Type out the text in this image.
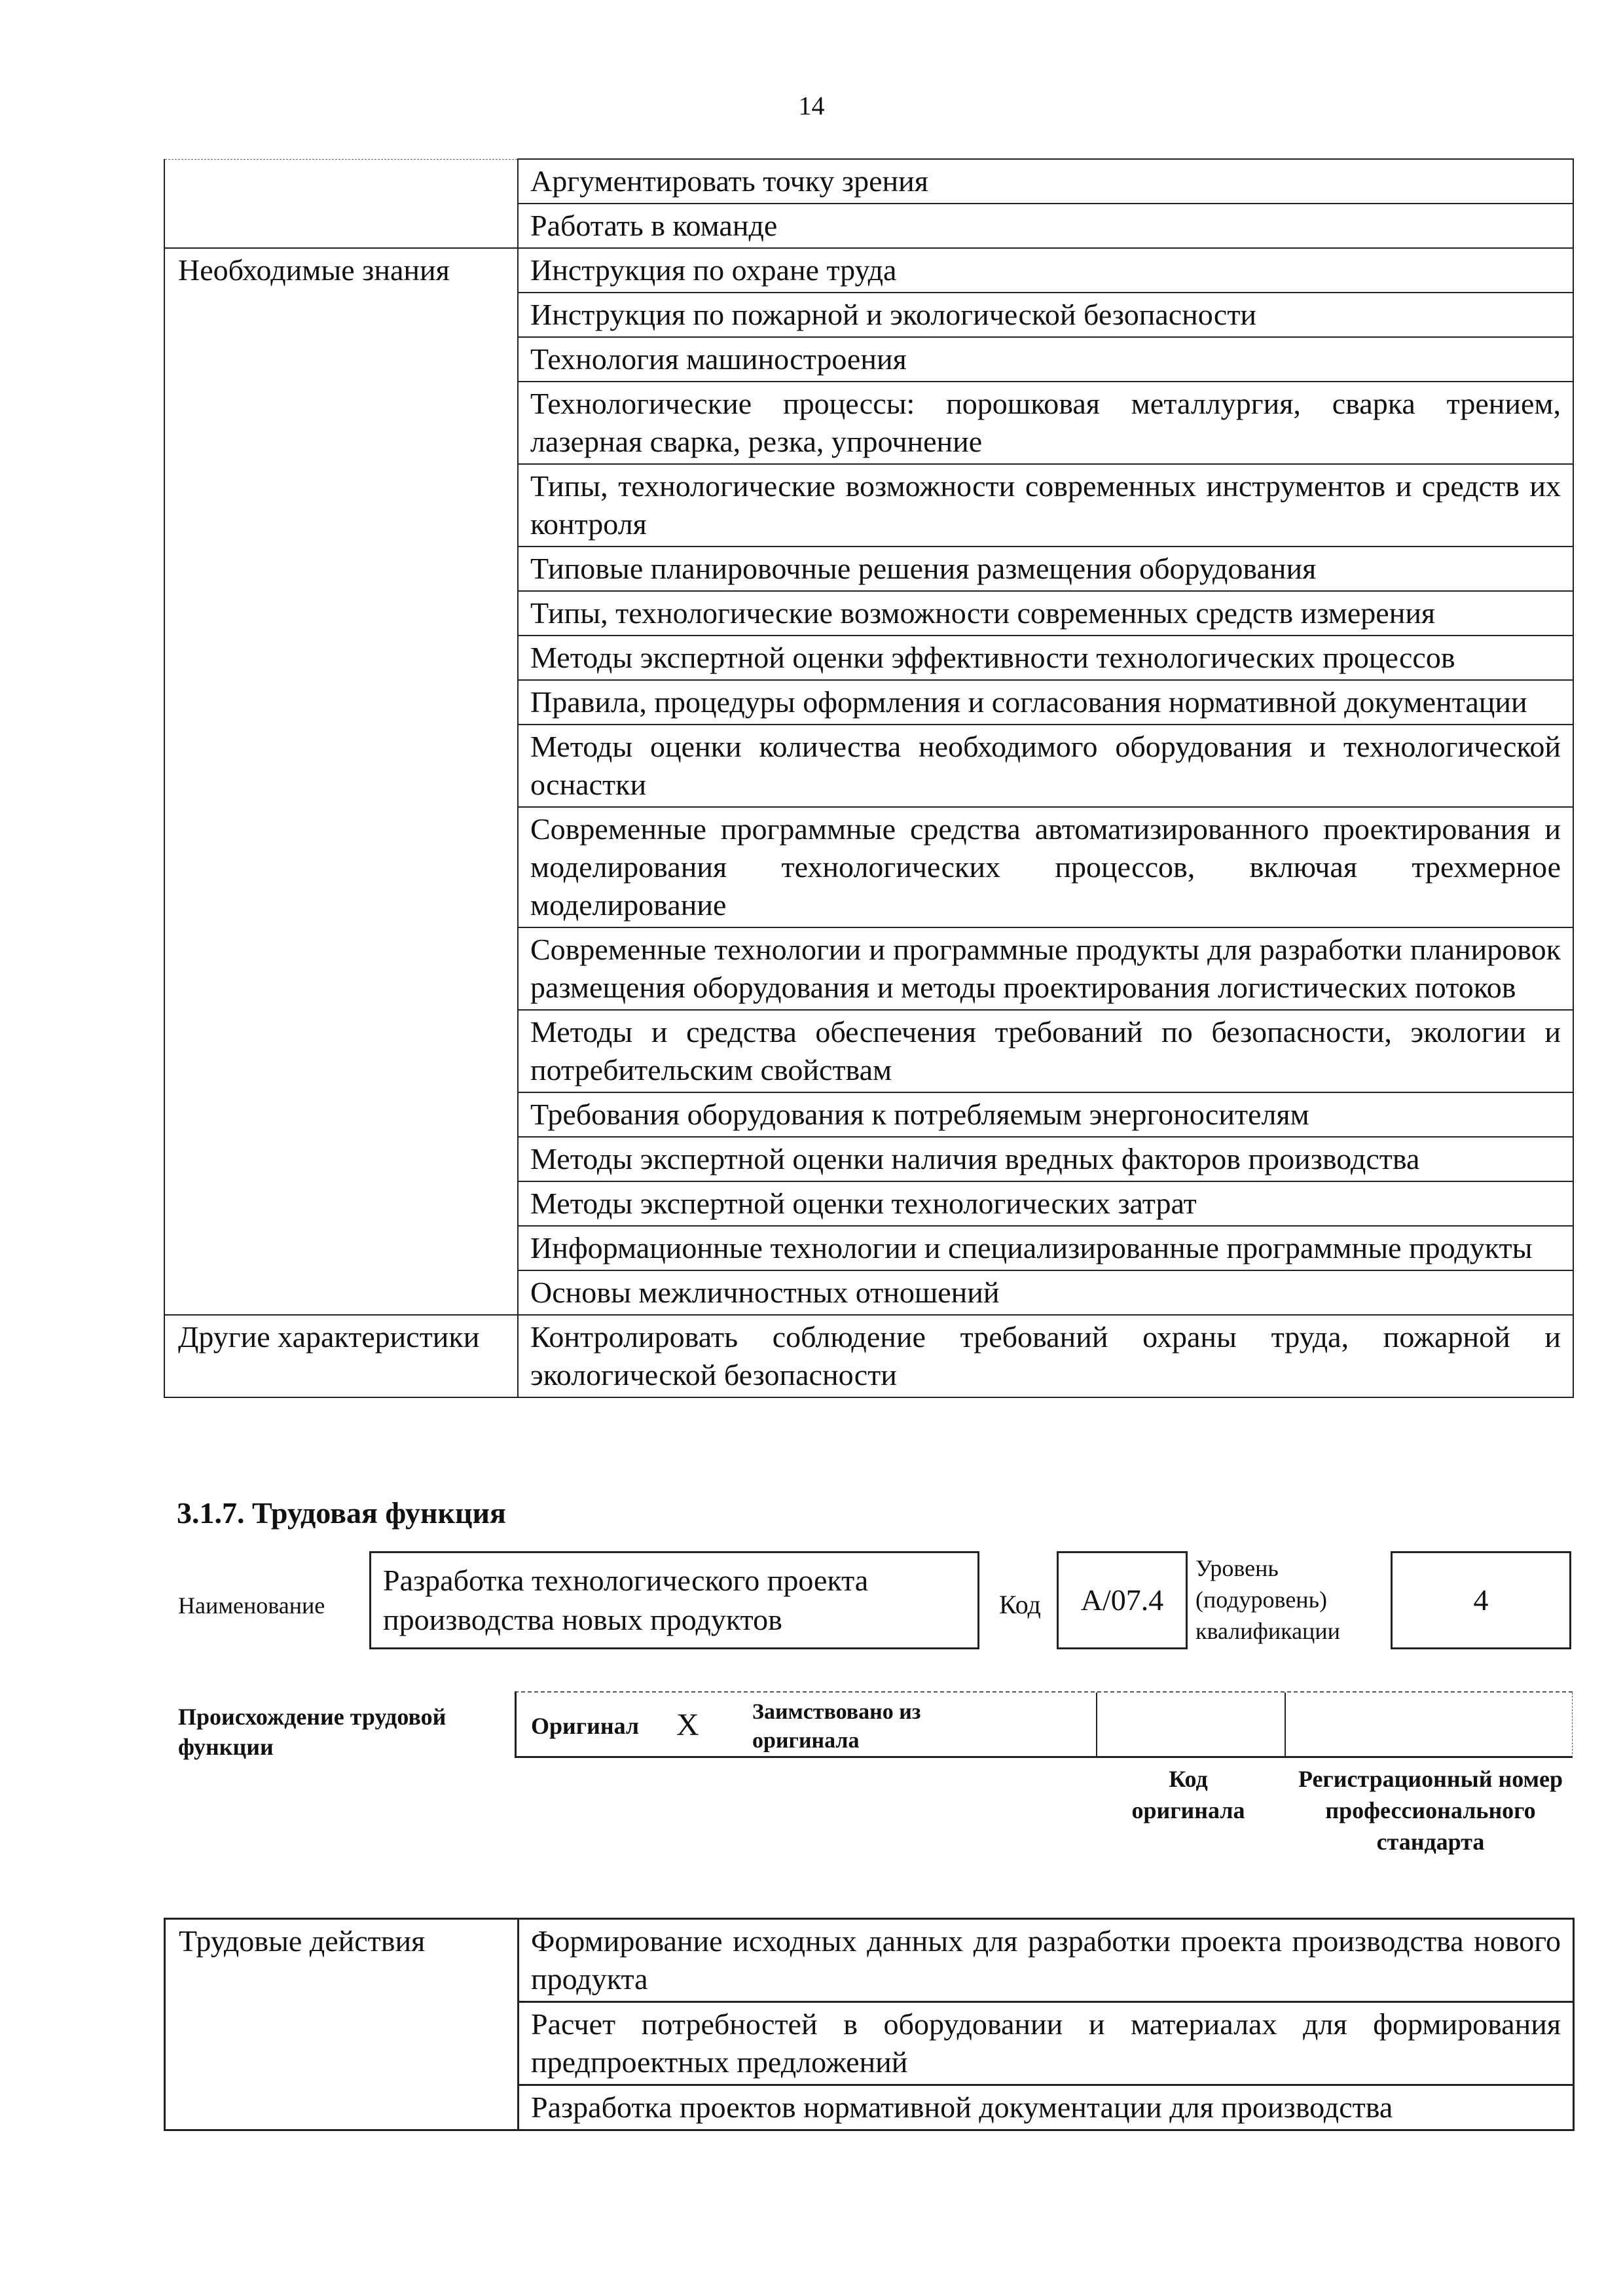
14
	Аргументировать точку зрения
	Работать в команде
Необходимые знания	Инструкция по охране труда
	Инструкция по пожарной и экологической безопасности
	Технология машиностроения
	Технологические процессы: порошковая металлургия, сварка трением, лазерная сварка, резка, упрочнение
	Типы, технологические возможности современных инструментов и средств их контроля
	Типовые планировочные решения размещения оборудования
	Типы, технологические возможности современных средств измерения
	Методы экспертной оценки эффективности технологических процессов
	Правила, процедуры оформления и согласования нормативной документации
	Методы оценки количества необходимого оборудования и технологической оснастки
	Современные программные средства автоматизированного проектирования и моделирования технологических процессов, включая трехмерное моделирование
	Современные технологии и программные продукты для разработки планировок размещения оборудования и методы проектирования логистических потоков
	Методы и средства обеспечения требований по безопасности, экологии и потребительским свойствам
	Требования оборудования к потребляемым энергоносителям
	Методы экспертной оценки наличия вредных факторов производства
	Методы экспертной оценки технологических затрат
	Информационные технологии и специализированные программные продукты
	Основы межличностных отношений
Другие характеристики	Контролировать соблюдение требований охраны труда, пожарной и экологической безопасности
3.1.7. Трудовая функция
Наименование
Разработка технологического проекта производства новых продуктов	Код	А/07.4
Уровень (подуровень) квалификации
4
Происхождение трудовой функции
Оригинал X Заимствовано из оригинала
Код оригинала
Регистрационный номер профессионального стандарта
Трудовые действия	Формирование исходных данных для разработки проекта производства нового продукта
Расчет потребностей в оборудовании и материалах для формирования предпроектных предложений
Разработка проектов нормативной документации для производства
